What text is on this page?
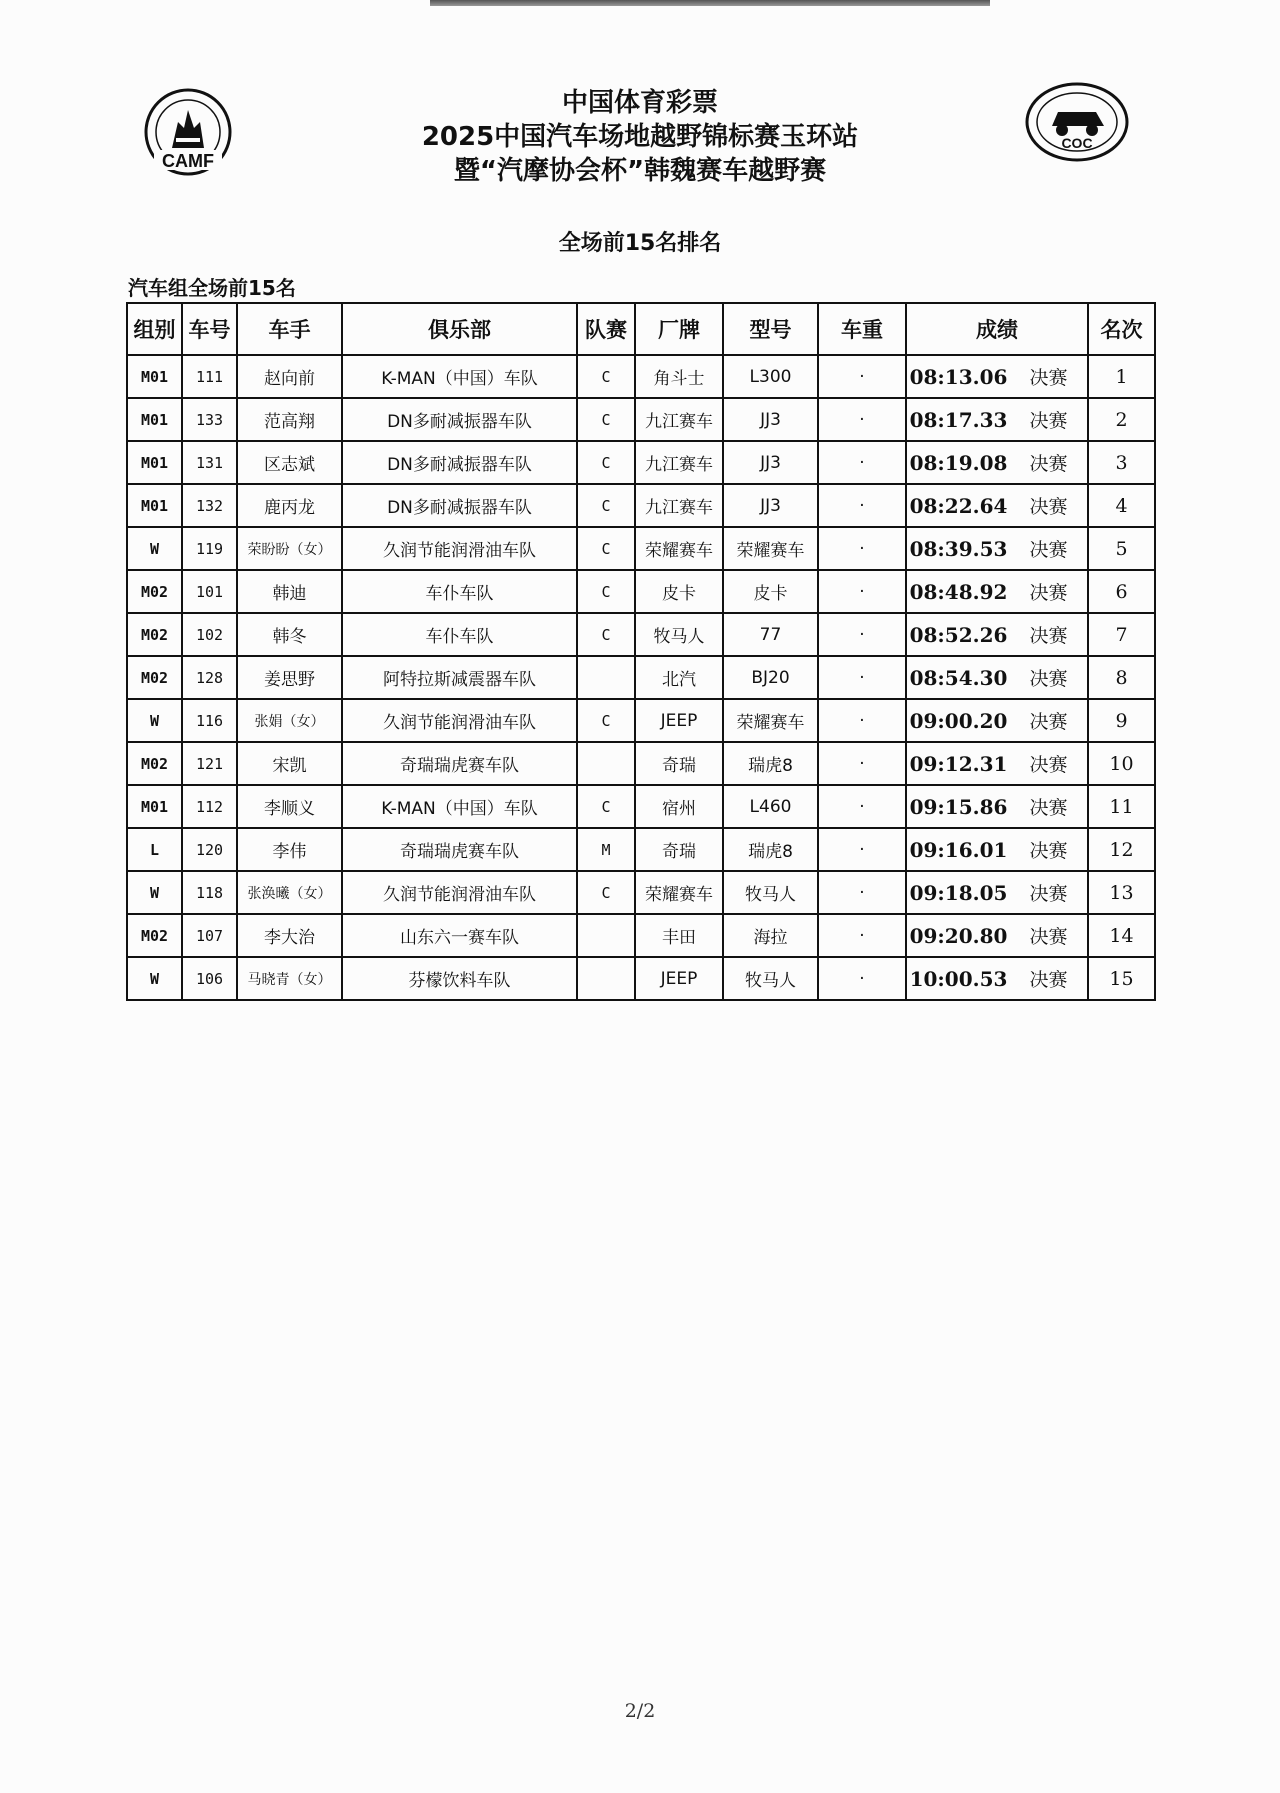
CAMF
COC
中国体育彩票
2025中国汽车场地越野锦标赛玉环站
暨“汽摩协会杯”韩魏赛车越野赛
全场前15名排名
汽车组全场前15名
组别	车号	车手	俱乐部	队赛	厂牌	型号	车重	成绩		名次
M01	111	赵向前	K-MAN（中国）车队	C	角斗士	L300	·	08:13.06	决赛	1
M01	133	范高翔	DN多耐减振器车队	C	九江赛车	JJ3	·	08:17.33	决赛	2
M01	131	区志斌	DN多耐减振器车队	C	九江赛车	JJ3	·	08:19.08	决赛	3
M01	132	鹿丙龙	DN多耐减振器车队	C	九江赛车	JJ3	·	08:22.64	决赛	4
W	119	荣盼盼（女）	久润节能润滑油车队	C	荣耀赛车	荣耀赛车	·	08:39.53	决赛	5
M02	101	韩迪	车仆车队	C	皮卡	皮卡	·	08:48.92	决赛	6
M02	102	韩冬	车仆车队	C	牧马人	77	·	08:52.26	决赛	7
M02	128	姜思野	阿特拉斯减震器车队		北汽	BJ20	·	08:54.30	决赛	8
W	116	张娟（女）	久润节能润滑油车队	C	JEEP	荣耀赛车	·	09:00.20	决赛	9
M02	121	宋凯	奇瑞瑞虎赛车队		奇瑞	瑞虎8	·	09:12.31	决赛	10
M01	112	李顺义	K-MAN（中国）车队	C	宿州	L460	·	09:15.86	决赛	11
L	120	李伟	奇瑞瑞虎赛车队	M	奇瑞	瑞虎8	·	09:16.01	决赛	12
W	118	张涣曦（女）	久润节能润滑油车队	C	荣耀赛车	牧马人	·	09:18.05	决赛	13
M02	107	李大治	山东六一赛车队		丰田	海拉	·	09:20.80	决赛	14
W	106	马晓青（女）	芬檬饮料车队		JEEP	牧马人	·	10:00.53	决赛	15
2/2
